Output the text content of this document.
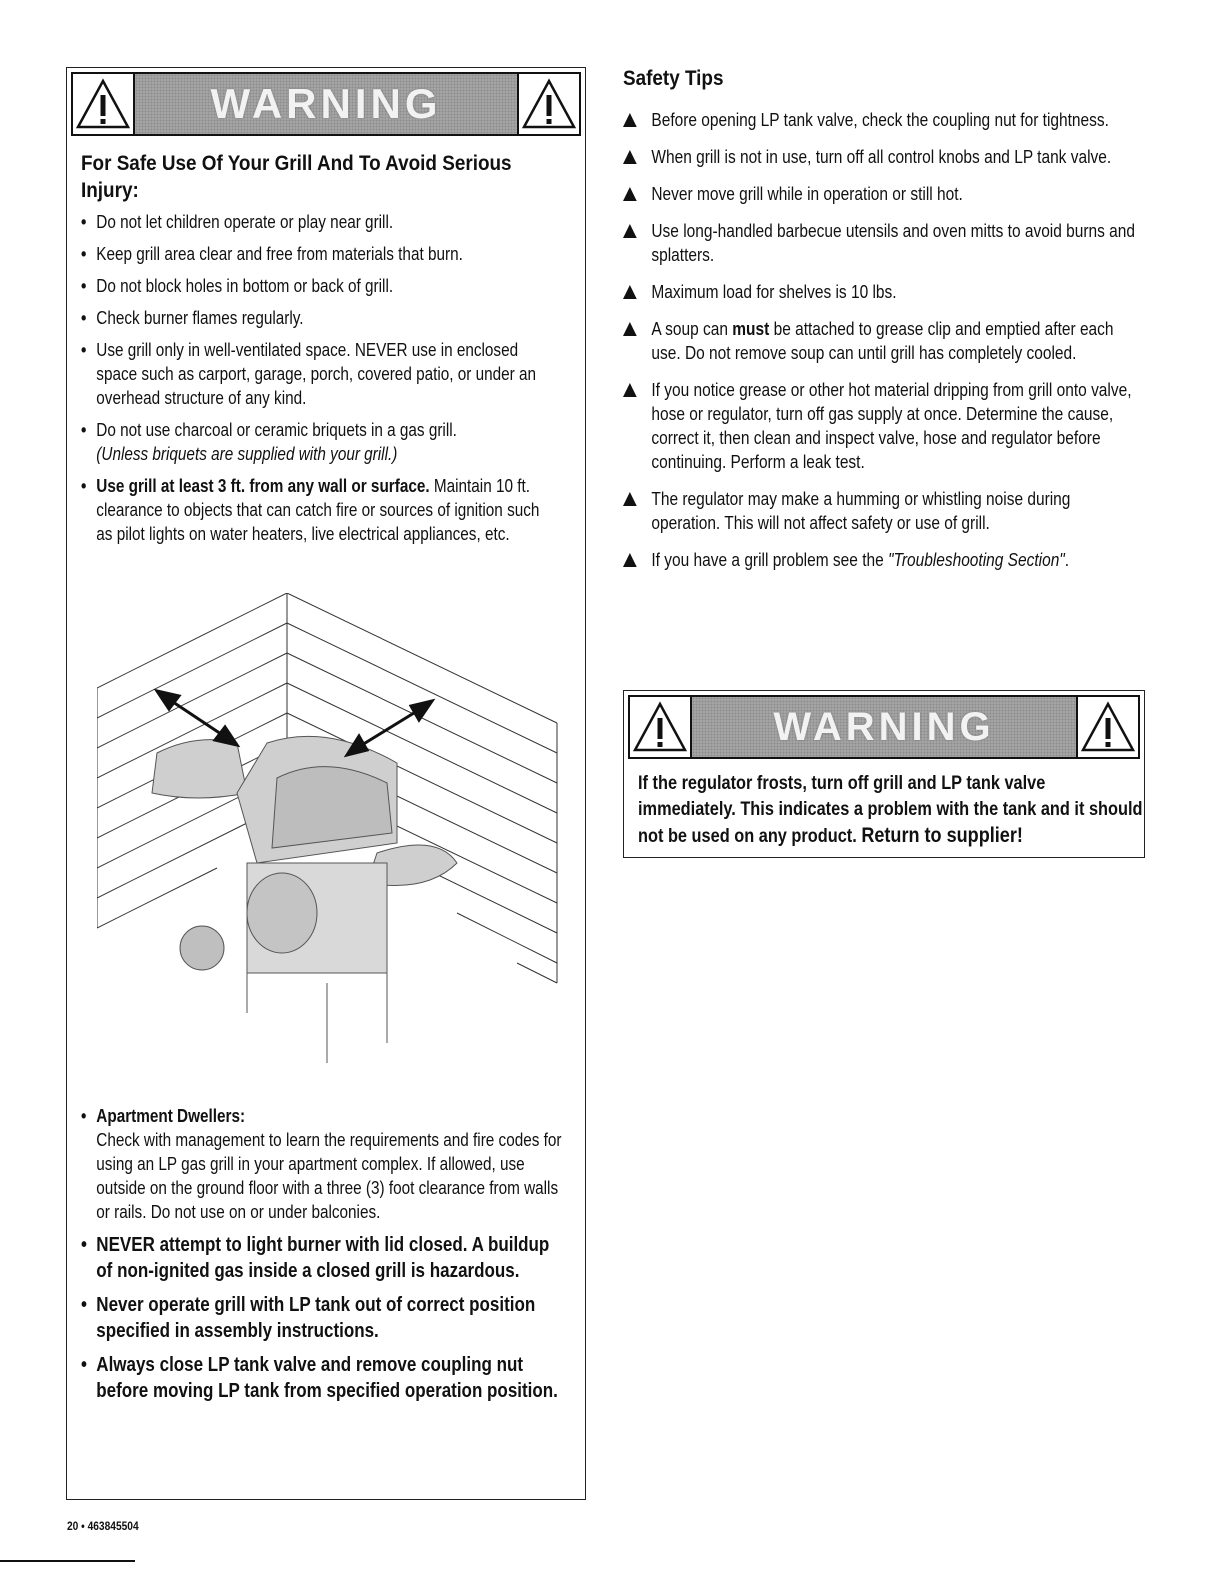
WARNING
For Safe Use Of Your Grill And To Avoid Serious Injury:
• Do not let children operate or play near grill.
• Keep grill area clear and free from materials that burn.
• Do not block holes in bottom or back of grill.
• Check burner flames regularly.
• Use grill only in well-ventilated space. NEVER use in enclosed space such as carport, garage, porch, covered patio, or under an overhead structure of any kind.
• Do not use charcoal or ceramic briquets in a gas grill.
(Unless briquets are supplied with your grill.)
• Use grill at least 3 ft. from any wall or surface. Maintain 10 ft. clearance to objects that can catch fire or sources of ignition such as pilot lights on water heaters, live electrical appliances, etc.
• Apartment Dwellers:
Check with management to learn the requirements and fire codes for using an LP gas grill in your apartment complex. If allowed, use outside on the ground floor with a three (3) foot clearance from walls or rails. Do not use on or under balconies.
• NEVER attempt to light burner with lid closed. A buildup of non-ignited gas inside a closed grill is hazardous.
• Never operate grill with LP tank out of correct position specified in assembly instructions.
• Always close LP tank valve and remove coupling nut before moving LP tank from specified operation position.
Safety Tips
Before opening LP tank valve, check the coupling nut for tightness.
When grill is not in use, turn off all control knobs and LP tank valve.
Never move grill while in operation or still hot.
Use long-handled barbecue utensils and oven mitts to avoid burns and splatters.
Maximum load for shelves is 10 lbs.
A soup can must be attached to grease clip and emptied after each use. Do not remove soup can until grill has completely cooled.
If you notice grease or other hot material dripping from grill onto valve, hose or regulator, turn off gas supply at once. Determine the cause, correct it, then clean and inspect valve, hose and regulator before continuing. Perform a leak test.
The regulator may make a humming or whistling noise during operation. This will not affect safety or use of grill.
If you have a grill problem see the "Troubleshooting Section".
WARNING
If the regulator frosts, turn off grill and LP tank valve immediately. This indicates a problem with the tank and it should not be used on any product. Return to supplier!
20 • 463845504
